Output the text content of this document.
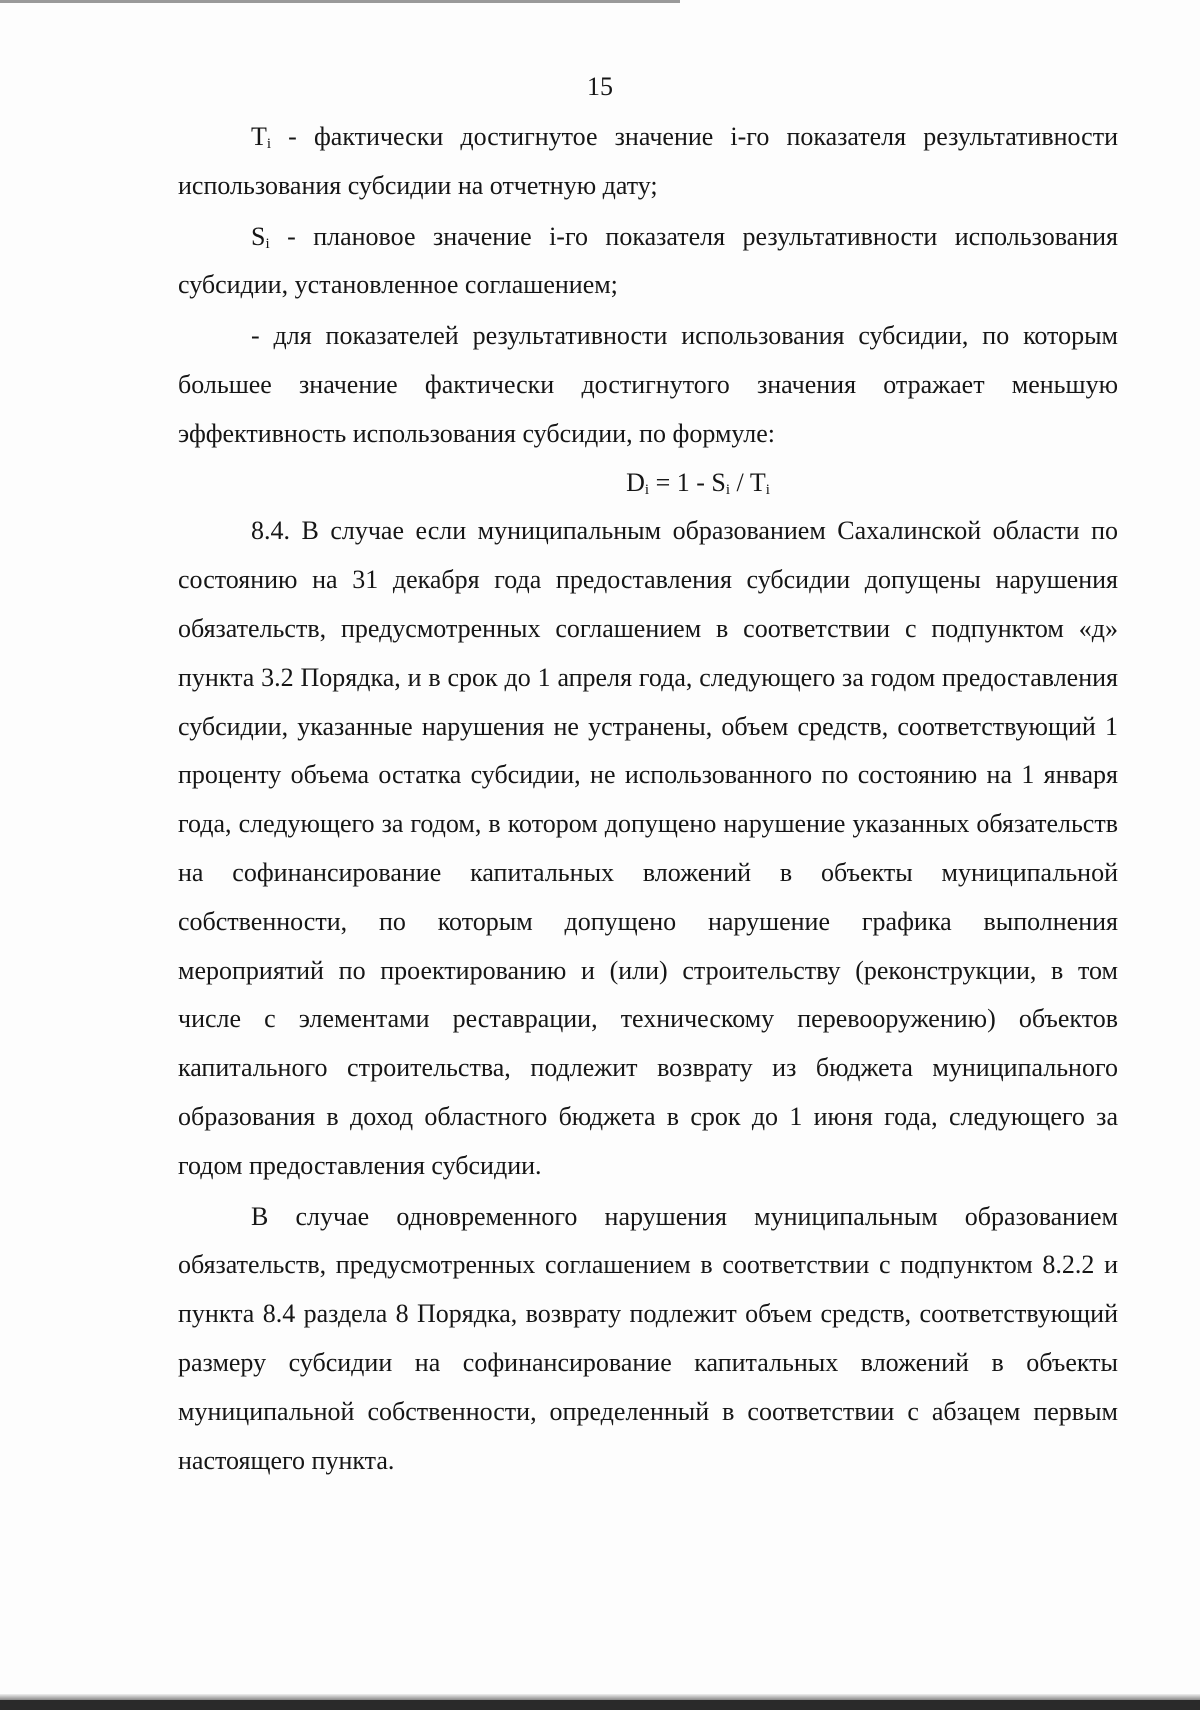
15

$T_i$ - фактически достигнутое значение i-го показателя результативности использования субсидии на отчетную дату;

$S_i$ - плановое значение i-го показателя результативности использования субсидии, установленное соглашением;

- для показателей результативности использования субсидии, по которым большее значение фактически достигнутого значения отражает меньшую эффективность использования субсидии, по формуле:

$D_i = 1 - S_i / T_i$

8.4. В случае если муниципальным образованием Сахалинской области по состоянию на 31 декабря года предоставления субсидии допущены нарушения обязательств, предусмотренных соглашением в соответствии с подпунктом «д» пункта 3.2 Порядка, и в срок до 1 апреля года, следующего за годом предоставления субсидии, указанные нарушения не устранены, объем средств, соответствующий 1 проценту объема остатка субсидии, не использованного по состоянию на 1 января года, следующего за годом, в котором допущено нарушение указанных обязательств на софинансирование капитальных вложений в объекты муниципальной собственности, по которым допущено нарушение графика выполнения мероприятий по проектированию и (или) строительству (реконструкции, в том числе с элементами реставрации, техническому перевооружению) объектов капитального строительства, подлежит возврату из бюджета муниципального образования в доход областного бюджета в срок до 1 июня года, следующего за годом предоставления субсидии.

В случае одновременного нарушения муниципальным образованием обязательств, предусмотренных соглашением в соответствии с подпунктом 8.2.2 и пункта 8.4 раздела 8 Порядка, возврату подлежит объем средств, соответствующий размеру субсидии на софинансирование капитальных вложений в объекты муниципальной собственности, определенный в соответствии с абзацем первым настоящего пункта.
